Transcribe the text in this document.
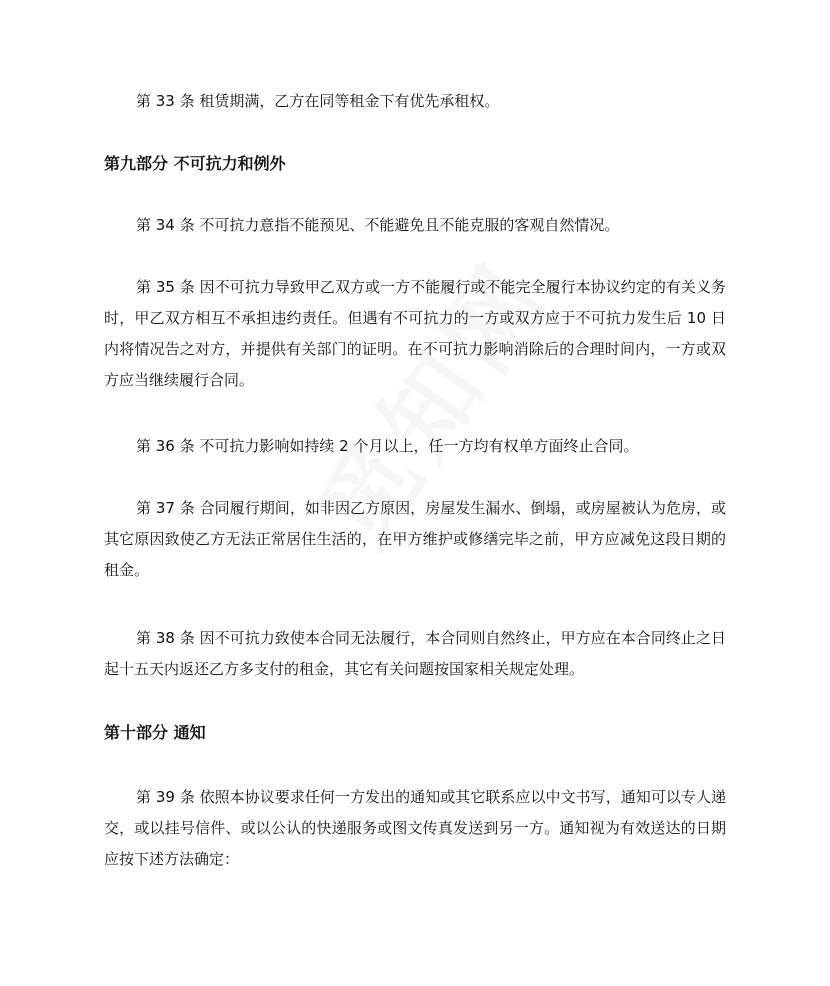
第 33 条 租赁期满，乙方在同等租金下有优先承租权。

第九部分 不可抗力和例外

第 34 条 不可抗力意指不能预见、不能避免且不能克服的客观自然情况。

第 35 条 因不可抗力导致甲乙双方或一方不能履行或不能完全履行本协议约定的有关义务时，甲乙双方相互不承担违约责任。但遇有不可抗力的一方或双方应于不可抗力发生后 10 日内将情况告之对方，并提供有关部门的证明。在不可抗力影响消除后的合理时间内，一方或双方应当继续履行合同。

第 36 条 不可抗力影响如持续 2 个月以上，任一方均有权单方面终止合同。

第 37 条 合同履行期间，如非因乙方原因，房屋发生漏水、倒塌，或房屋被认为危房，或其它原因致使乙方无法正常居住生活的，在甲方维护或修缮完毕之前，甲方应减免这段日期的租金。

第 38 条 因不可抗力致使本合同无法履行，本合同则自然终止，甲方应在本合同终止之日起十五天内返还乙方多支付的租金，其它有关问题按国家相关规定处理。

第十部分 通知

第 39 条 依照本协议要求任何一方发出的通知或其它联系应以中文书写，通知可以专人递交，或以挂号信件、或以公认的快递服务或图文传真发送到另一方。通知视为有效送达的日期应按下述方法确定：
